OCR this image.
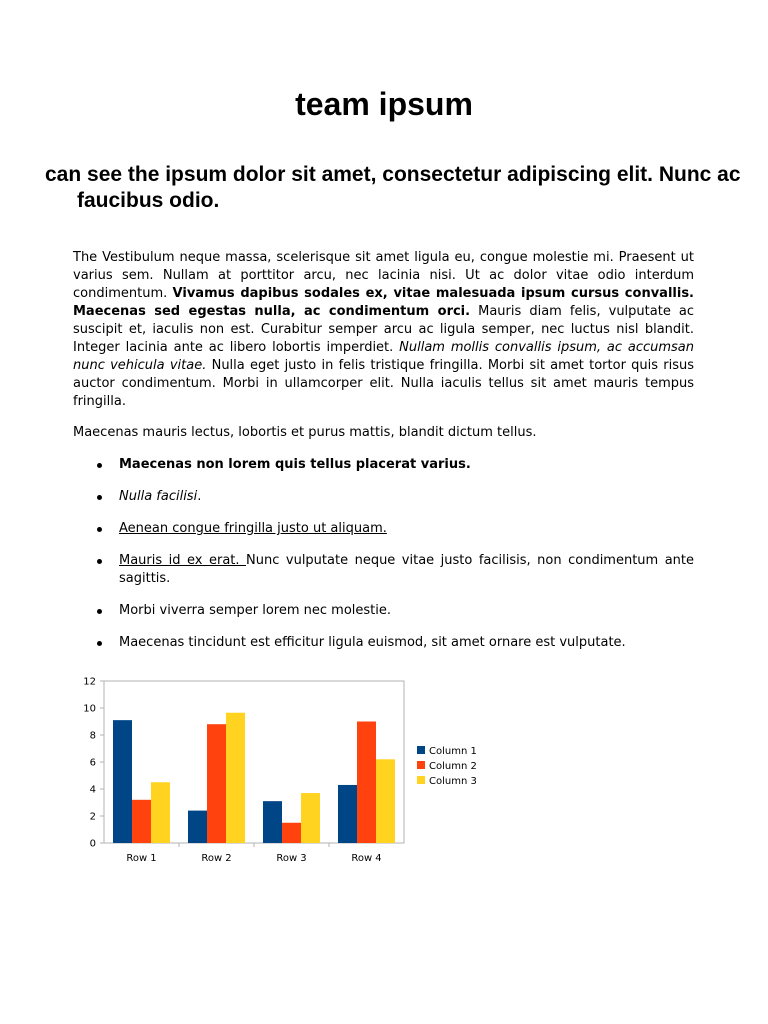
team ipsum
can see the ipsum dolor sit amet, consectetur adipiscing elit. Nunc ac faucibus odio.

The Vestibulum neque massa, scelerisque sit amet ligula eu, congue molestie mi. Praesent ut varius sem. Nullam at porttitor arcu, nec lacinia nisi. Ut ac dolor vitae odio interdum condimentum. Vivamus dapibus sodales ex, vitae malesuada ipsum cursus convallis. Maecenas sed egestas nulla, ac condimentum orci. Mauris diam felis, vulputate ac suscipit et, iaculis non est. Curabitur semper arcu ac ligula semper, nec luctus nisl blandit. Integer lacinia ante ac libero lobortis imperdiet. Nullam mollis convallis ipsum, ac accumsan nunc vehicula vitae. Nulla eget justo in felis tristique fringilla. Morbi sit amet tortor quis risus auctor condimentum. Morbi in ullamcorper elit. Nulla iaculis tellus sit amet mauris tempus fringilla.

Maecenas mauris lectus, lobortis et purus mattis, blandit dictum tellus.

Maecenas non lorem quis tellus placerat varius.
Nulla facilisi.
Aenean congue fringilla justo ut aliquam.
Mauris id ex erat. Nunc vulputate neque vitae justo facilisis, non condimentum ante sagittis.
Morbi viverra semper lorem nec molestie.
Maecenas tincidunt est efficitur ligula euismod, sit amet ornare est vulputate.
0
2
4
6
8
10
12
Row 1	Row 2	Row 3	Row 4
Column 1
Column 2
Column 3
